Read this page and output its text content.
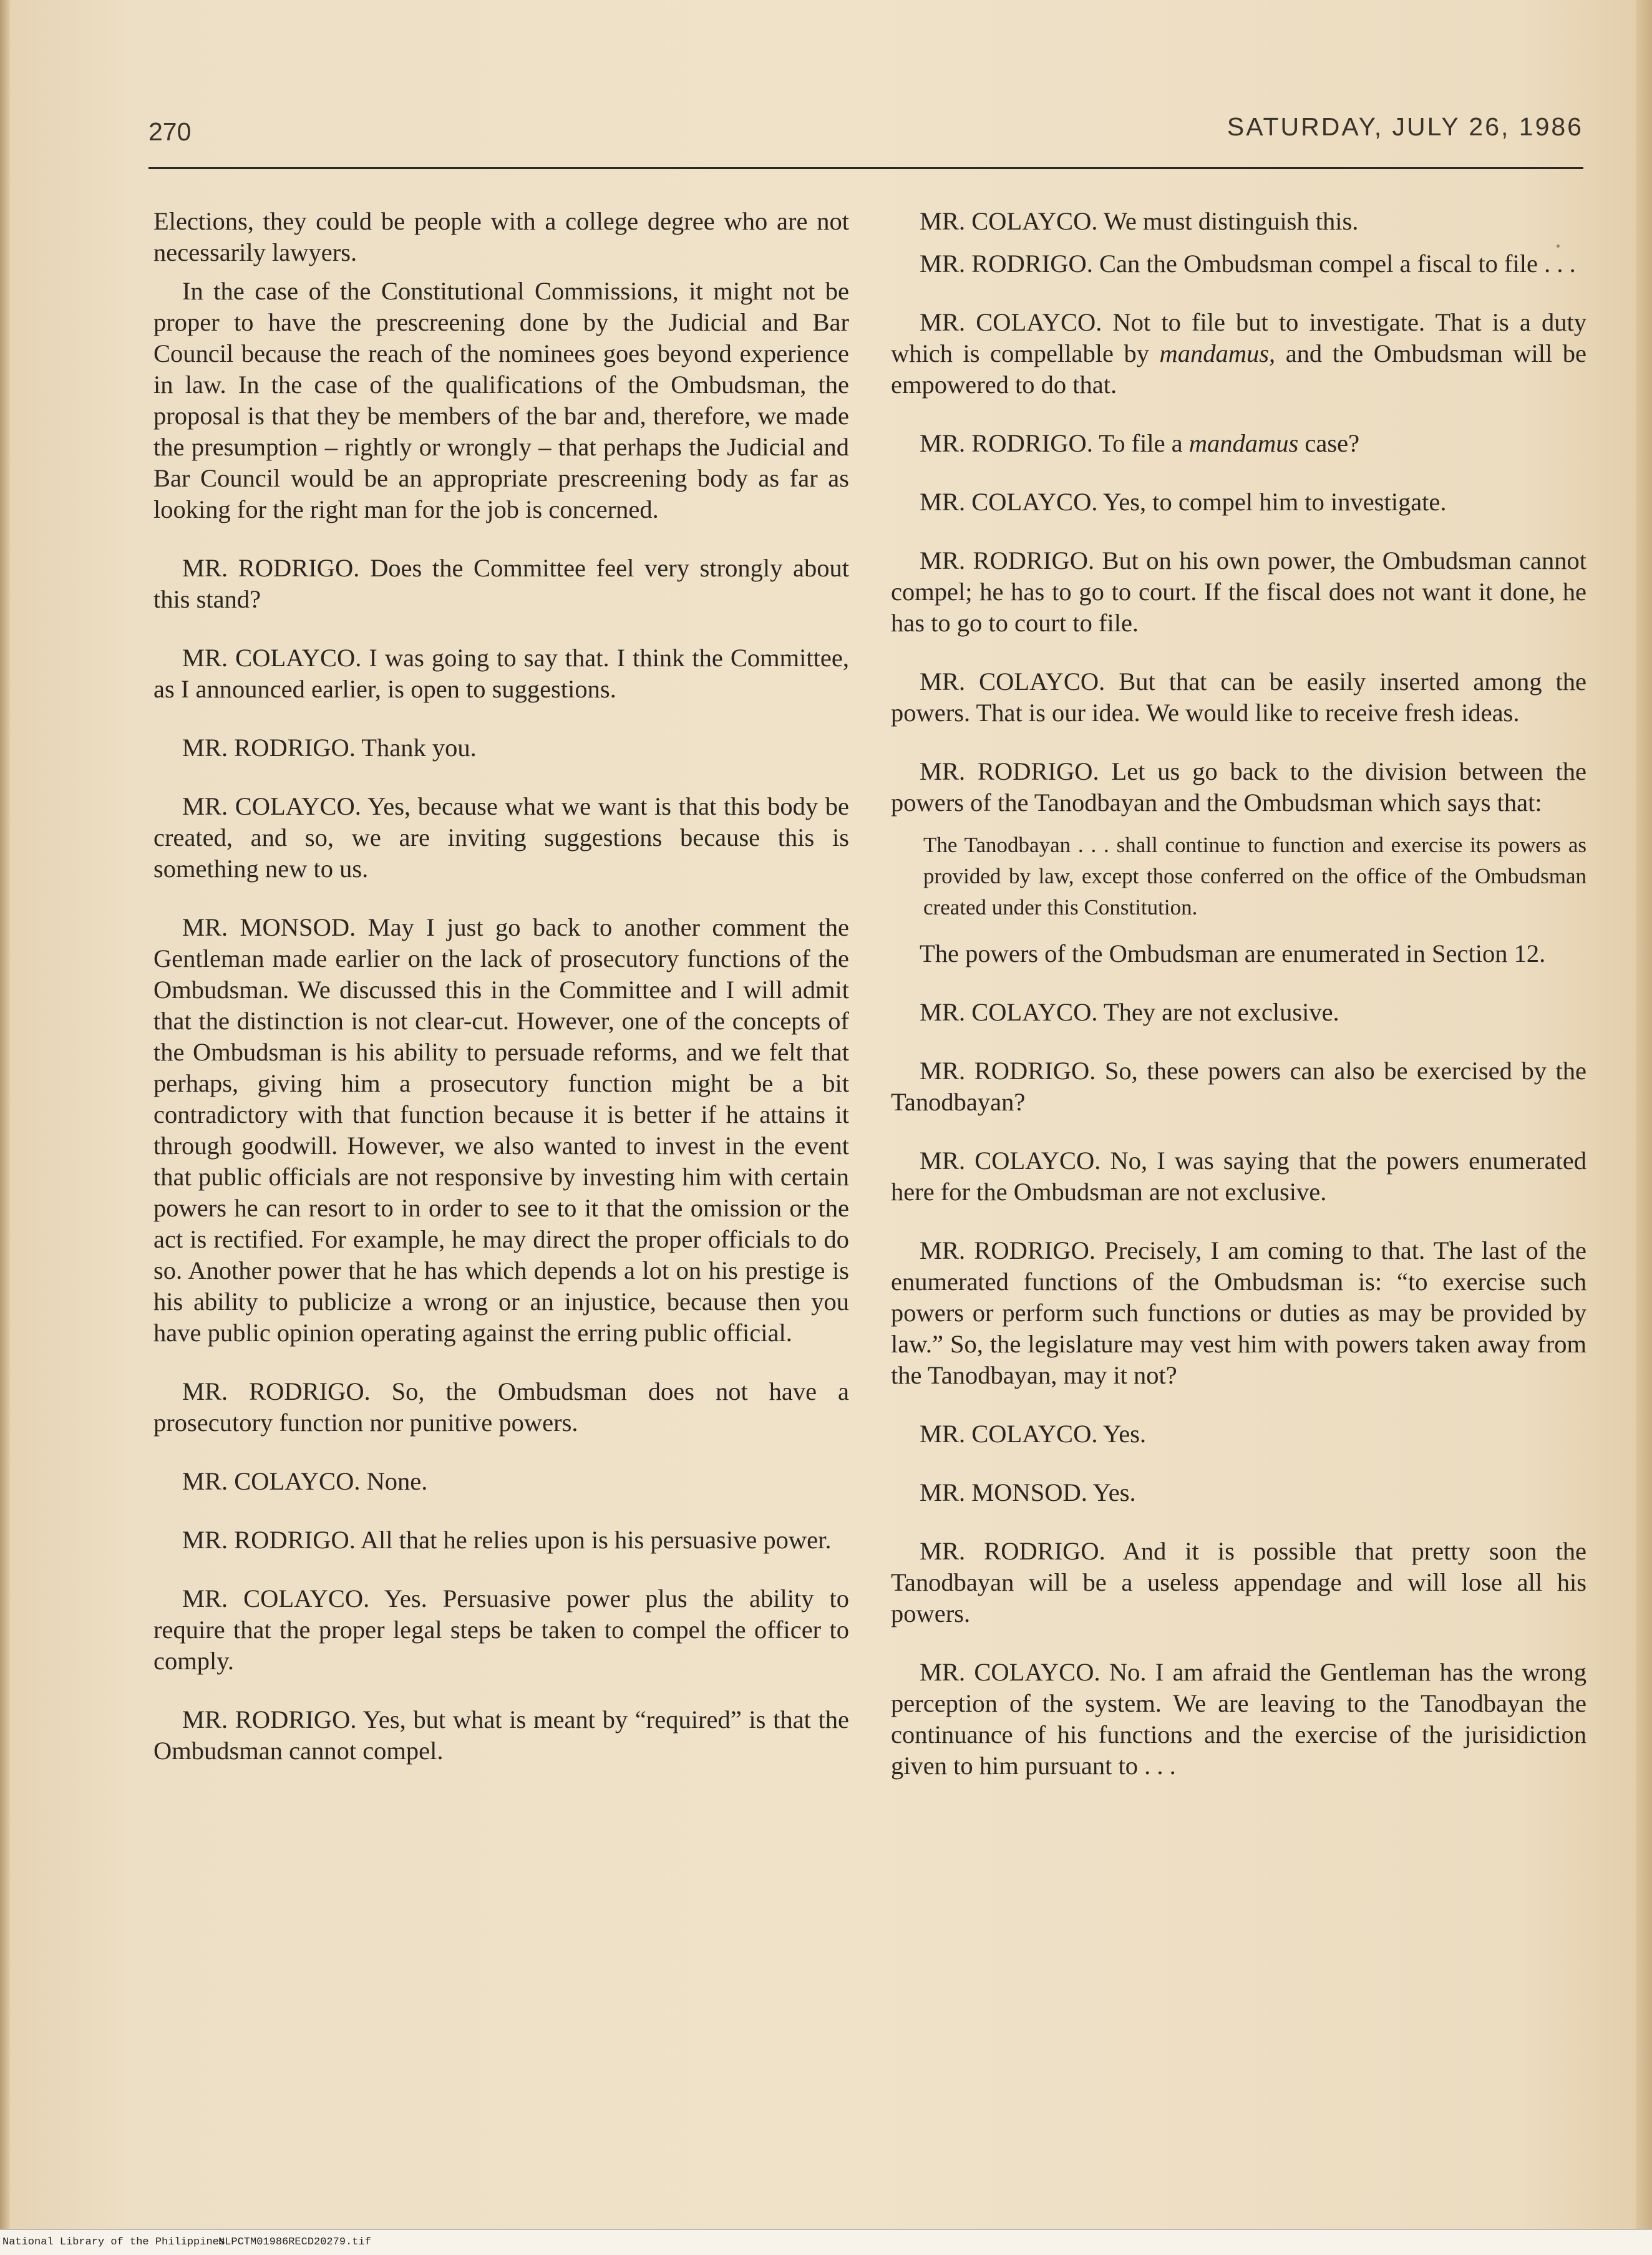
270	SATURDAY, JULY 26, 1986

Elections, they could be people with a college degree who are not necessarily lawyers.

In the case of the Constitutional Commissions, it might not be proper to have the prescreening done by the Judicial and Bar Council because the reach of the nominees goes beyond experience in law. In the case of the qualifications of the Ombudsman, the proposal is that they be members of the bar and, therefore, we made the presumption – rightly or wrongly – that perhaps the Judicial and Bar Council would be an appropriate prescreening body as far as looking for the right man for the job is concerned.

MR. RODRIGO. Does the Committee feel very strongly about this stand?

MR. COLAYCO. I was going to say that. I think the Committee, as I announced earlier, is open to suggestions.

MR. RODRIGO. Thank you.

MR. COLAYCO. Yes, because what we want is that this body be created, and so, we are inviting suggestions because this is something new to us.

MR. MONSOD. May I just go back to another comment the Gentleman made earlier on the lack of prosecutory functions of the Ombudsman. We discussed this in the Committee and I will admit that the distinction is not clear-cut. However, one of the concepts of the Ombudsman is his ability to persuade reforms, and we felt that perhaps, giving him a prosecutory function might be a bit contradictory with that function because it is better if he attains it through goodwill. However, we also wanted to invest in the event that public officials are not responsive by investing him with certain powers he can resort to in order to see to it that the omission or the act is rectified. For example, he may direct the proper officials to do so. Another power that he has which depends a lot on his prestige is his ability to publicize a wrong or an injustice, because then you have public opinion operating against the erring public official.

MR. RODRIGO. So, the Ombudsman does not have a prosecutory function nor punitive powers.

MR. COLAYCO. None.

MR. RODRIGO. All that he relies upon is his persuasive power.

MR. COLAYCO. Yes. Persuasive power plus the ability to require that the proper legal steps be taken to compel the officer to comply.

MR. RODRIGO. Yes, but what is meant by “required” is that the Ombudsman cannot compel.

MR. COLAYCO. We must distinguish this.

MR. RODRIGO. Can the Ombudsman compel a fiscal to file . . .

MR. COLAYCO. Not to file but to investigate. That is a duty which is compellable by mandamus, and the Ombudsman will be empowered to do that.

MR. RODRIGO. To file a mandamus case?

MR. COLAYCO. Yes, to compel him to investigate.

MR. RODRIGO. But on his own power, the Ombudsman cannot compel; he has to go to court. If the fiscal does not want it done, he has to go to court to file.

MR. COLAYCO. But that can be easily inserted among the powers. That is our idea. We would like to receive fresh ideas.

MR. RODRIGO. Let us go back to the division between the powers of the Tanodbayan and the Ombudsman which says that:

The Tanodbayan . . . shall continue to function and exercise its powers as provided by law, except those conferred on the office of the Ombudsman created under this Constitution.

The powers of the Ombudsman are enumerated in Section 12.

MR. COLAYCO. They are not exclusive.

MR. RODRIGO. So, these powers can also be exercised by the Tanodbayan?

MR. COLAYCO. No, I was saying that the powers enumerated here for the Ombudsman are not exclusive.

MR. RODRIGO. Precisely, I am coming to that. The last of the enumerated functions of the Ombudsman is: “to exercise such powers or perform such functions or duties as may be provided by law.” So, the legislature may vest him with powers taken away from the Tanodbayan, may it not?

MR. COLAYCO. Yes.

MR. MONSOD. Yes.

MR. RODRIGO. And it is possible that pretty soon the Tanodbayan will be a useless appendage and will lose all his powers.

MR. COLAYCO. No. I am afraid the Gentleman has the wrong perception of the system. We are leaving to the Tanodbayan the continuance of his functions and the exercise of the jurisidiction given to him pursuant to . . .

National Library of the Philippines
NLPCTM01986RECD20279.tif
